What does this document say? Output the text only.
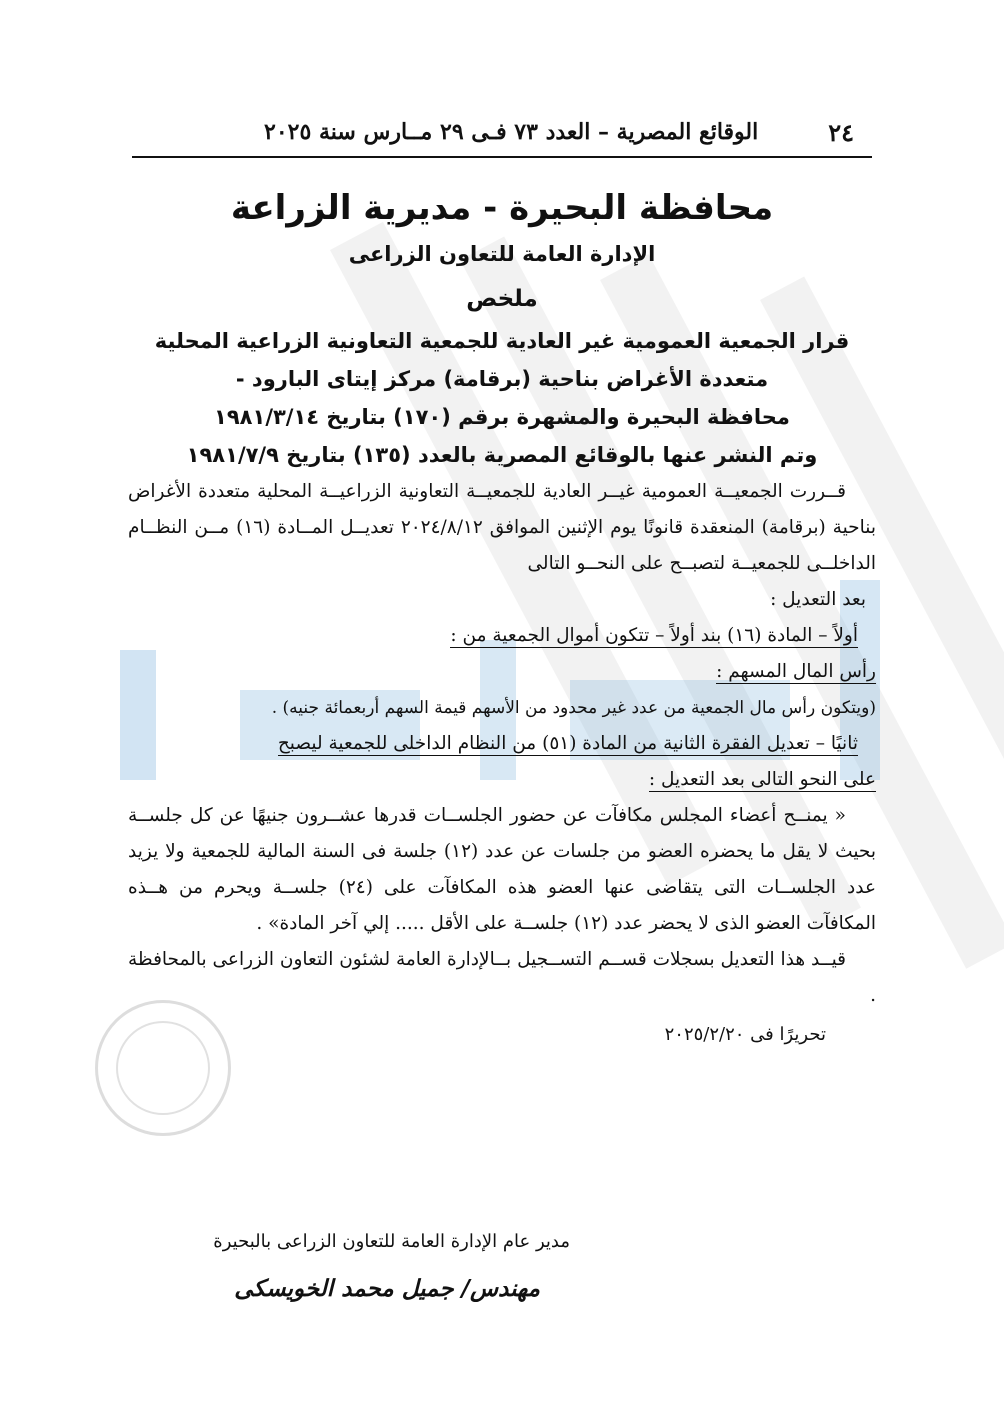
٢٤
الوقائع المصرية – العدد ٧٣ فـى ٢٩ مــارس سنة ٢٠٢٥

محافظة البحيرة - مديرية الزراعة

الإدارة العامة للتعاون الزراعى

ملخص

قرار الجمعية العمومية غير العادية للجمعية التعاونية الزراعية المحلية

متعددة الأغراض بناحية (برقامة) مركز إيتاى البارود -

محافظة البحيرة والمشهرة برقم (١٧٠) بتاريخ ١٩٨١/٣/١٤

وتم النشر عنها بالوقائع المصرية بالعدد (١٣٥) بتاريخ ١٩٨١/٧/٩

قــررت الجمعيــة العمومية غيــر العادية للجمعيــة التعاونية الزراعيــة المحلية متعددة الأغراض بناحية (برقامة) المنعقدة قانونًا يوم الإثنين الموافق ٢٠٢٤/٨/١٢ تعديــل المــادة (١٦) مــن النظــام الداخلــى للجمعيــة لتصبــح على النحــو التالى

بعد التعديل :

أولاً – المادة (١٦) بند أولاً – تتكون أموال الجمعية من :

رأس المال المسهم :

(ويتكون رأس مال الجمعية من عدد غير محدود من الأسهم قيمة السهم أربعمائة جنيه) .

ثانيًا – تعديل الفقرة الثانية من المادة (٥١) من النظام الداخلى للجمعية ليصبح

على النحو التالى بعد التعديل :

« يمنــح أعضاء المجلس مكافآت عن حضور الجلســات قدرها عشــرون جنيهًا عن كل جلســة بحيث لا يقل ما يحضره العضو من جلسات عن عدد (١٢) جلسة فى السنة المالية للجمعية ولا يزيد عدد الجلســات التى يتقاضى عنها العضو هذه المكافآت على (٢٤) جلســة ويحرم من هــذه المكافآت العضو الذى لا يحضر عدد (١٢) جلســة على الأقل ..... إلي آخر المادة» .

قيــد هذا التعديل بسجلات قســم التســجيل بــالإدارة العامة لشئون التعاون الزراعى بالمحافظة .

تحريرًا فى ٢٠٢٥/٢/٢٠

مدير عام الإدارة العامة للتعاون الزراعى بالبحيرة
مهندس/ جميل محمد الخويسكى
